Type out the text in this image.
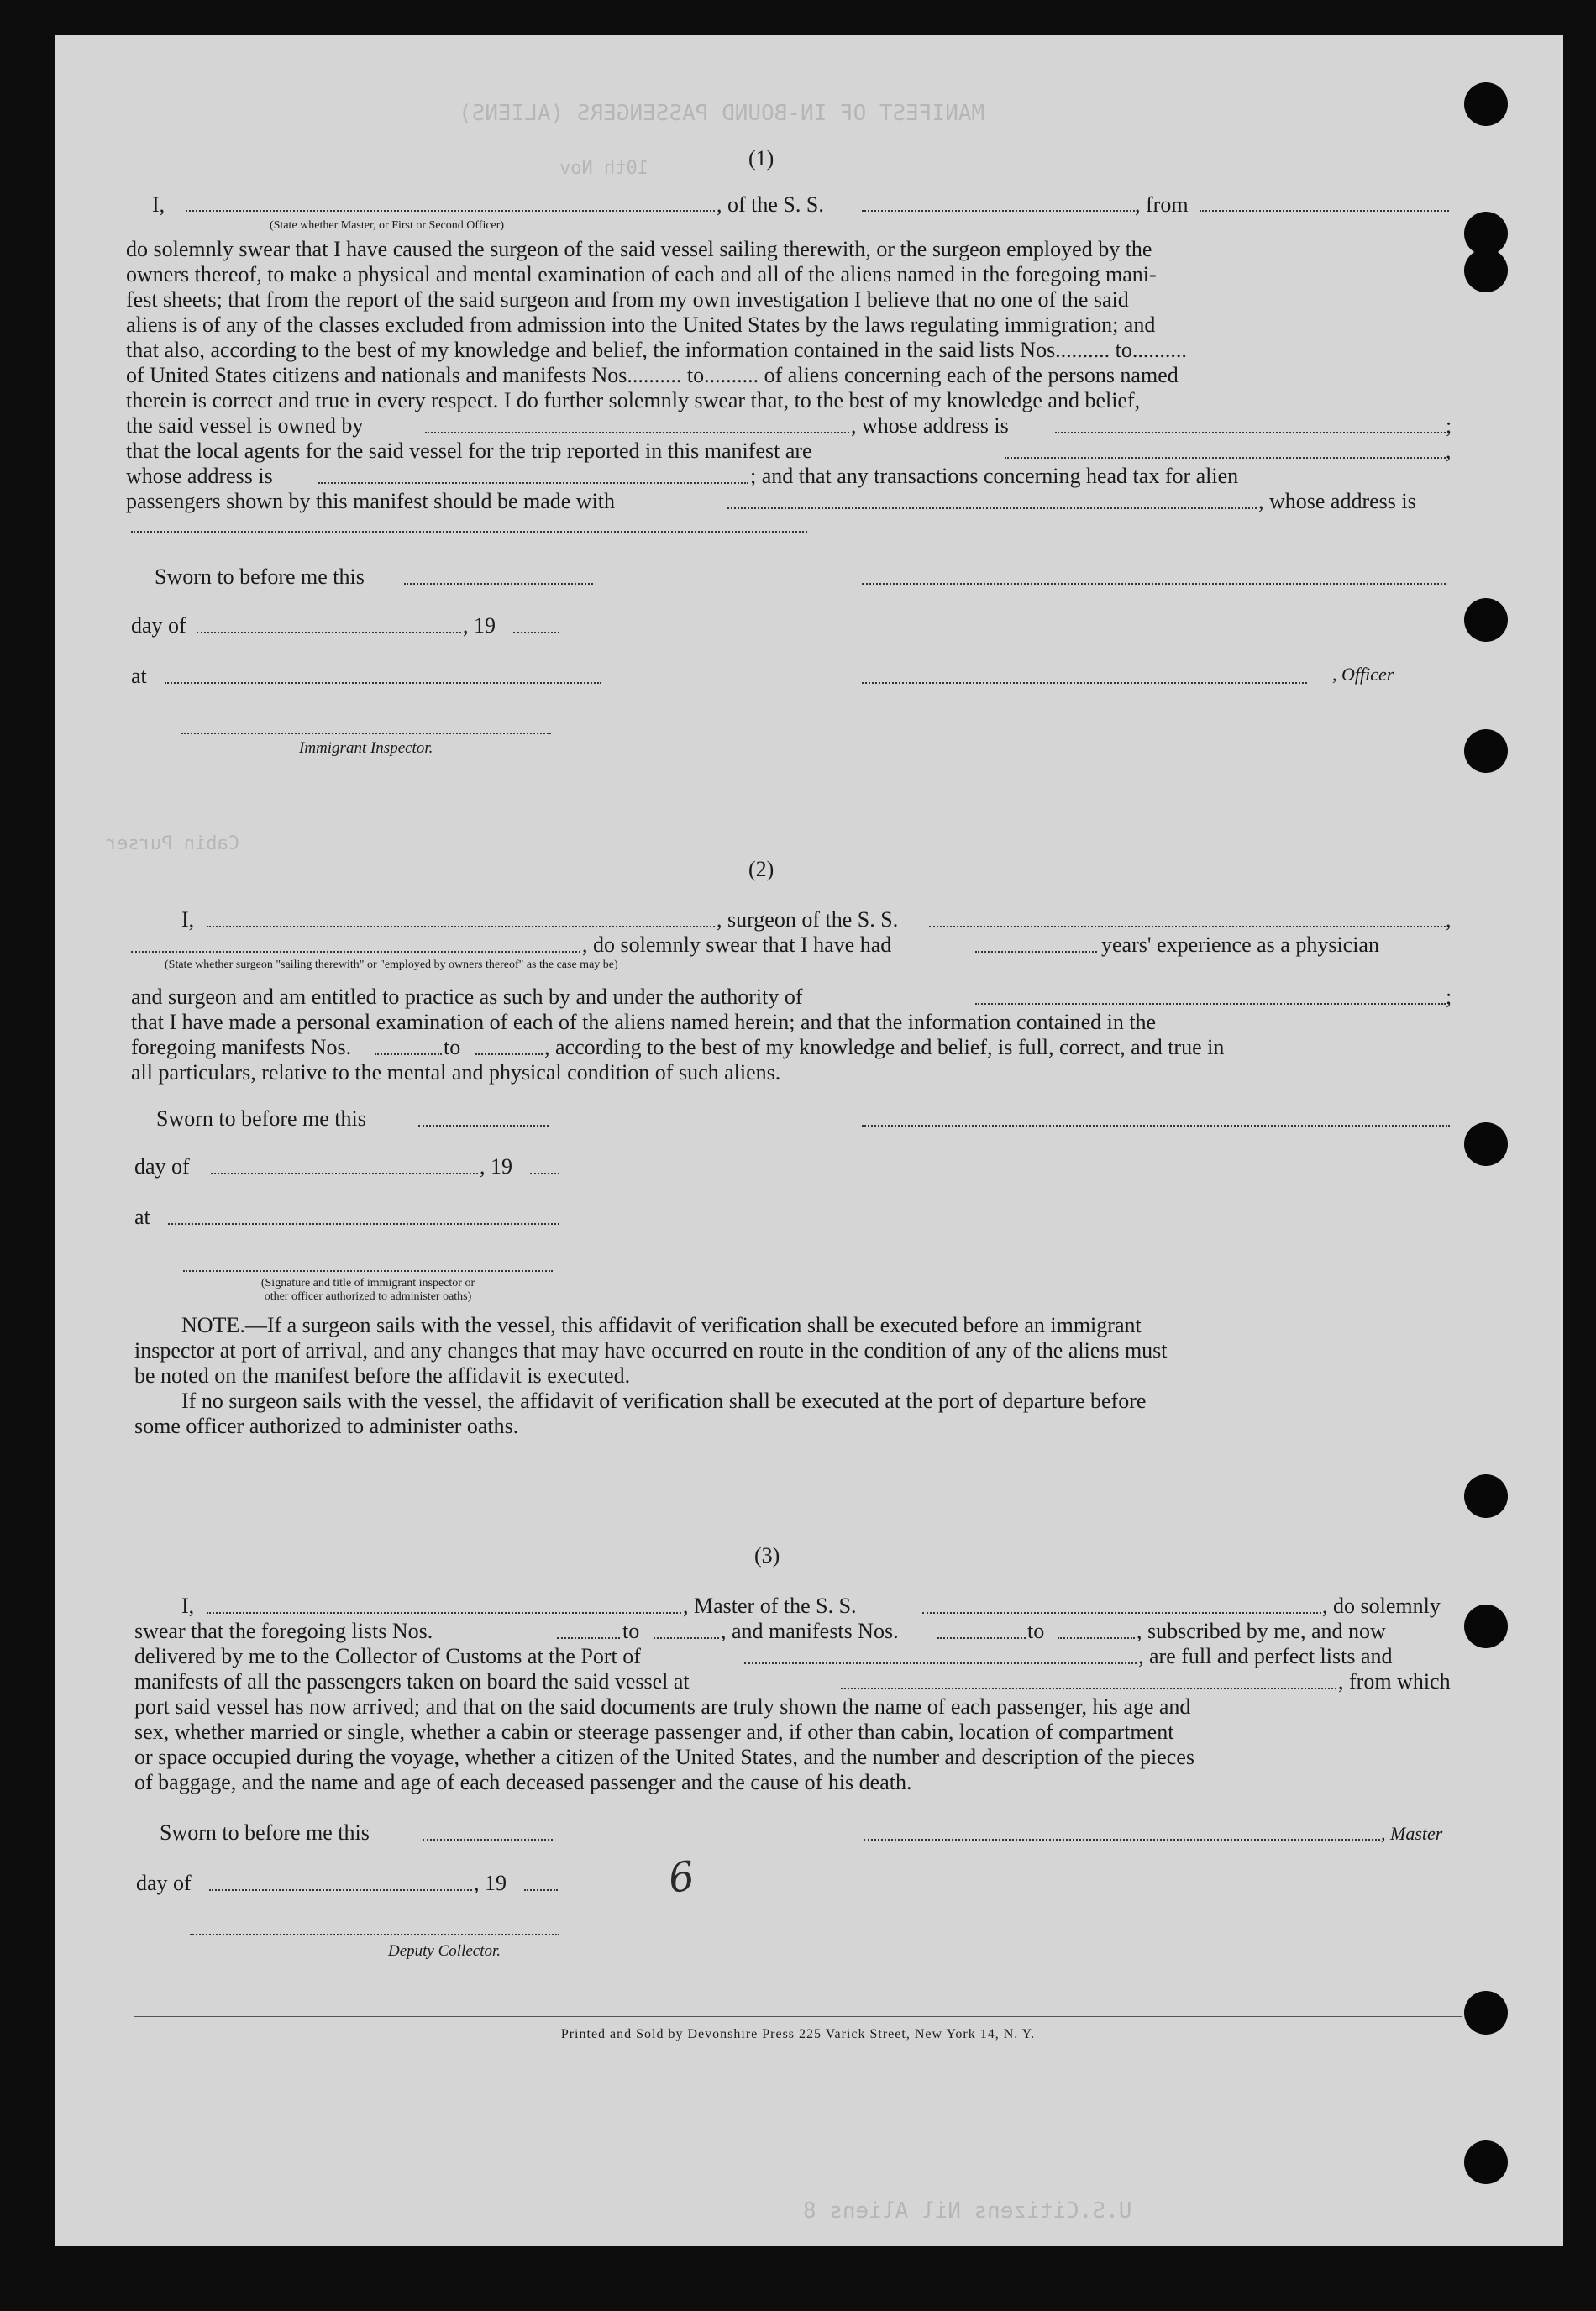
MANIFEST OF IN-BOUND PASSENGERS (ALIENS)
10th Nov
Cabin Purser
U.S.Citizens Nil Aliens 8
(1)
I,	, of the S. S.	, from
(State whether Master, or First or Second Officer)
do solemnly swear that I have caused the surgeon of the said vessel sailing therewith, or the surgeon employed by the
owners thereof, to make a physical and mental examination of each and all of the aliens named in the foregoing mani-
fest sheets; that from the report of the said surgeon and from my own investigation I believe that no one of the said
aliens is of any of the classes excluded from admission into the United States by the laws regulating immigration; and
that also, according to the best of my knowledge and belief, the information contained in the said lists Nos.......... to..........
of United States citizens and nationals and manifests Nos.......... to.......... of aliens concerning each of the persons named
therein is correct and true in every respect. I do further solemnly swear that, to the best of my knowledge and belief,
the said vessel is owned by	, whose address is	;
that the local agents for the said vessel for the trip reported in this manifest are	,
whose address is	; and that any transactions concerning head tax for alien
passengers shown by this manifest should be made with	, whose address is
Sworn to before me this
day of	, 19
at	, Officer
Immigrant Inspector.
(2)
I,	, surgeon of the S. S.	,
, do solemnly swear that I have had	years' experience as a physician
(State whether surgeon "sailing therewith" or "employed by owners thereof" as the case may be)
and surgeon and am entitled to practice as such by and under the authority of	;
that I have made a personal examination of each of the aliens named herein; and that the information contained in the
foregoing manifests Nos.	to	, according to the best of my knowledge and belief, is full, correct, and true in
all particulars, relative to the mental and physical condition of such aliens.
Sworn to before me this
day of	, 19
at
(Signature and title of immigrant inspector or
other officer authorized to administer oaths)
NOTE.—If a surgeon sails with the vessel, this affidavit of verification shall be executed before an immigrant
inspector at port of arrival, and any changes that may have occurred en route in the condition of any of the aliens must
be noted on the manifest before the affidavit is executed.
If no surgeon sails with the vessel, the affidavit of verification shall be executed at the port of departure before
some officer authorized to administer oaths.
(3)
I,	, Master of the S. S.	, do solemnly
swear that the foregoing lists Nos.	to	, and manifests Nos.	to	, subscribed by me, and now
delivered by me to the Collector of Customs at the Port of	, are full and perfect lists and
manifests of all the passengers taken on board the said vessel at	, from which
port said vessel has now arrived; and that on the said documents are truly shown the name of each passenger, his age and
sex, whether married or single, whether a cabin or steerage passenger and, if other than cabin, location of compartment
or space occupied during the voyage, whether a citizen of the United States, and the number and description of the pieces
of baggage, and the name and age of each deceased passenger and the cause of his death.
Sworn to before me this	, Master
day of	, 19	6
Deputy Collector.
Printed and Sold by Devonshire Press 225 Varick Street, New York 14, N. Y.
